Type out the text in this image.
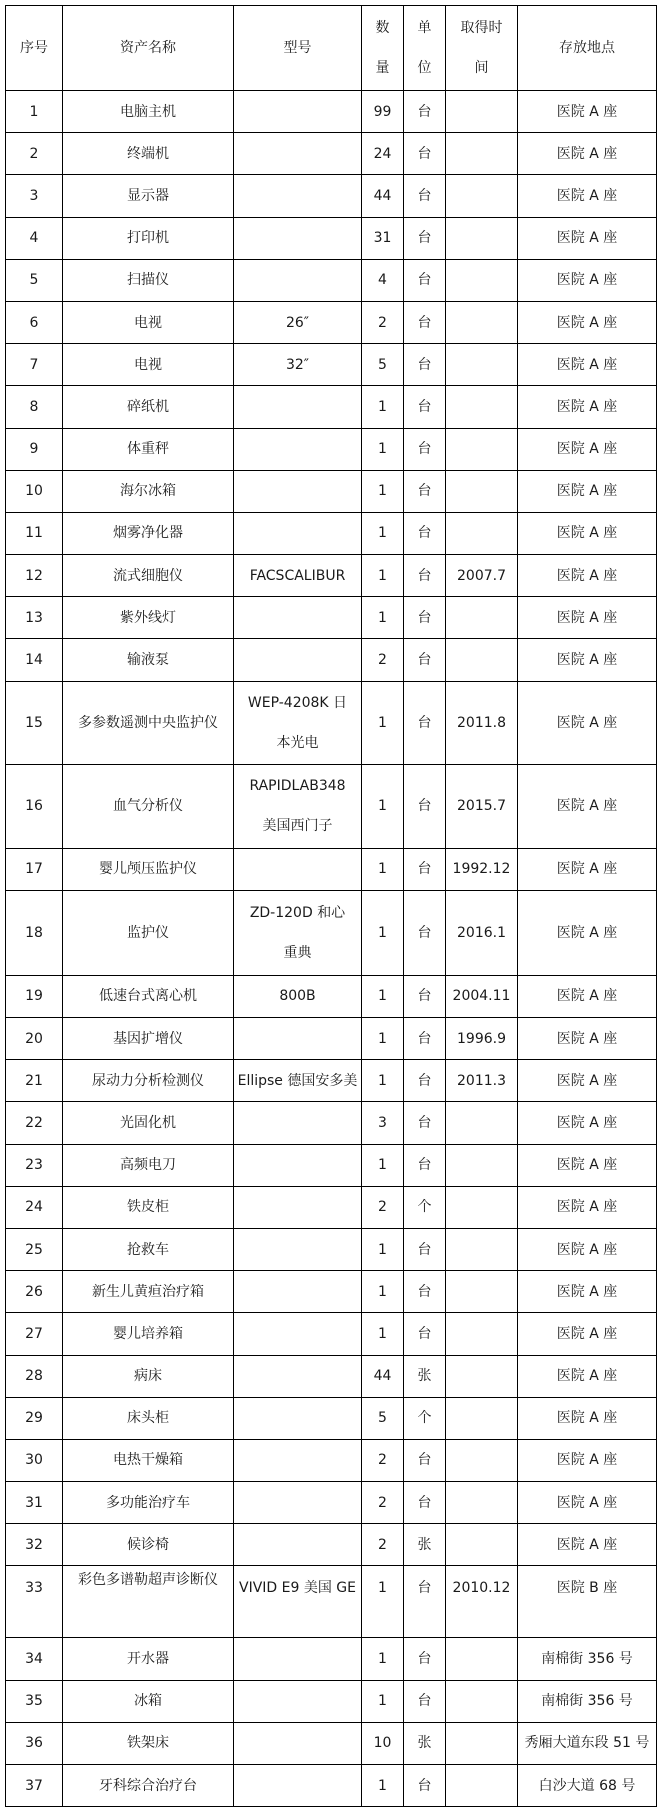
序号	资产名称	型号	数量	单位	取得时间	存放地点
1	电脑主机		99	台		医院 A 座
2	终端机		24	台		医院 A 座
3	显示器		44	台		医院 A 座
4	打印机		31	台		医院 A 座
5	扫描仪		4	台		医院 A 座
6	电视	26″	2	台		医院 A 座
7	电视	32″	5	台		医院 A 座
8	碎纸机		1	台		医院 A 座
9	体重秤		1	台		医院 A 座
10	海尔冰箱		1	台		医院 A 座
11	烟雾净化器		1	台		医院 A 座
12	流式细胞仪	FACSCALIBUR	1	台	2007.7	医院 A 座
13	紫外线灯		1	台		医院 A 座
14	输液泵		2	台		医院 A 座
15	多参数遥测中央监护仪	WEP-4208K 日本光电	1	台	2011.8	医院 A 座
16	血气分析仪	RAPIDLAB348 美国西门子	1	台	2015.7	医院 A 座
17	婴儿颅压监护仪		1	台	1992.12	医院 A 座
18	监护仪	ZD-120D 和心重典	1	台	2016.1	医院 A 座
19	低速台式离心机	800B	1	台	2004.11	医院 A 座
20	基因扩增仪		1	台	1996.9	医院 A 座
21	尿动力分析检测仪	Ellipse 德国安多美	1	台	2011.3	医院 A 座
22	光固化机		3	台		医院 A 座
23	高频电刀		1	台		医院 A 座
24	铁皮柜		2	个		医院 A 座
25	抢救车		1	台		医院 A 座
26	新生儿黄疸治疗箱		1	台		医院 A 座
27	婴儿培养箱		1	台		医院 A 座
28	病床		44	张		医院 A 座
29	床头柜		5	个		医院 A 座
30	电热干燥箱		2	台		医院 A 座
31	多功能治疗车		2	台		医院 A 座
32	候诊椅		2	张		医院 A 座
33	彩色多谱勒超声诊断仪	VIVID E9 美国 GE	1	台	2010.12	医院 B 座
34	开水器		1	台		南棉街 356 号
35	冰箱		1	台		南棉街 356 号
36	铁架床		10	张		秀厢大道东段 51 号
37	牙科综合治疗台		1	台		白沙大道 68 号
